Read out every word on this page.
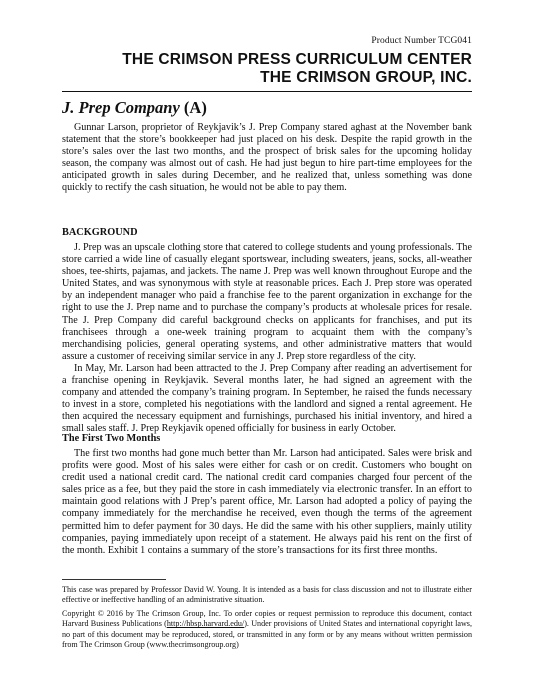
Product Number TCG041
THE CRIMSON PRESS CURRICULUM CENTER
THE CRIMSON GROUP, INC.
J. Prep Company (A)

Gunnar Larson, proprietor of Reykjavik’s J. Prep Company stared aghast at the November bank statement that the store’s bookkeeper had just placed on his desk. Despite the rapid growth in the store’s sales over the last two months, and the prospect of brisk sales for the upcoming holiday season, the company was almost out of cash. He had just begun to hire part-time employees for the anticipated growth in sales during December, and he realized that, unless something was done quickly to rectify the cash situation, he would not be able to pay them.

BACKGROUND

J. Prep was an upscale clothing store that catered to college students and young professionals. The store carried a wide line of casually elegant sportswear, including sweaters, jeans, socks, all-weather shoes, tee-shirts, pajamas, and jackets. The name J. Prep was well known throughout Europe and the United States, and was synonymous with style at reasonable prices. Each J. Prep store was operated by an independent manager who paid a franchise fee to the parent organization in exchange for the right to use the J. Prep name and to purchase the company’s products at wholesale prices for resale. The J. Prep Company did careful background checks on applicants for franchises, and put its franchisees through a one-week training program to acquaint them with the company’s merchandising policies, general operating systems, and other administrative matters that would assure a customer of receiving similar service in any J. Prep store regardless of the city.

In May, Mr. Larson had been attracted to the J. Prep Company after reading an advertisement for a franchise opening in Reykjavik. Several months later, he had signed an agreement with the company and attended the company’s training program. In September, he raised the funds necessary to invest in a store, completed his negotiations with the landlord and signed a rental agreement. He then acquired the necessary equipment and furnishings, purchased his initial inventory, and hired a small sales staff. J. Prep Reykjavik opened officially for business in early October.

The First Two Months

The first two months had gone much better than Mr. Larson had anticipated. Sales were brisk and profits were good. Most of his sales were either for cash or on credit. Customers who bought on credit used a national credit card. The national credit card companies charged four percent of the sales price as a fee, but they paid the store in cash immediately via electronic transfer. In an effort to maintain good relations with J Prep’s parent office, Mr. Larson had adopted a policy of paying the company immediately for the merchandise he received, even though the terms of the agreement permitted him to defer payment for 30 days. He did the same with his other suppliers, mainly utility companies, paying immediately upon receipt of a statement. He always paid his rent on the first of the month. Exhibit 1 contains a summary of the store’s transactions for its first three months.

This case was prepared by Professor David W. Young. It is intended as a basis for class discussion and not to illustrate either effective or ineffective handling of an administrative situation.

Copyright © 2016 by The Crimson Group, Inc. To order copies or request permission to reproduce this document, contact Harvard Business Publications (http://hbsp.harvard.edu/). Under provisions of United States and international copyright laws, no part of this document may be reproduced, stored, or transmitted in any form or by any means without written permission from The Crimson Group (www.thecrimsongroup.org)
